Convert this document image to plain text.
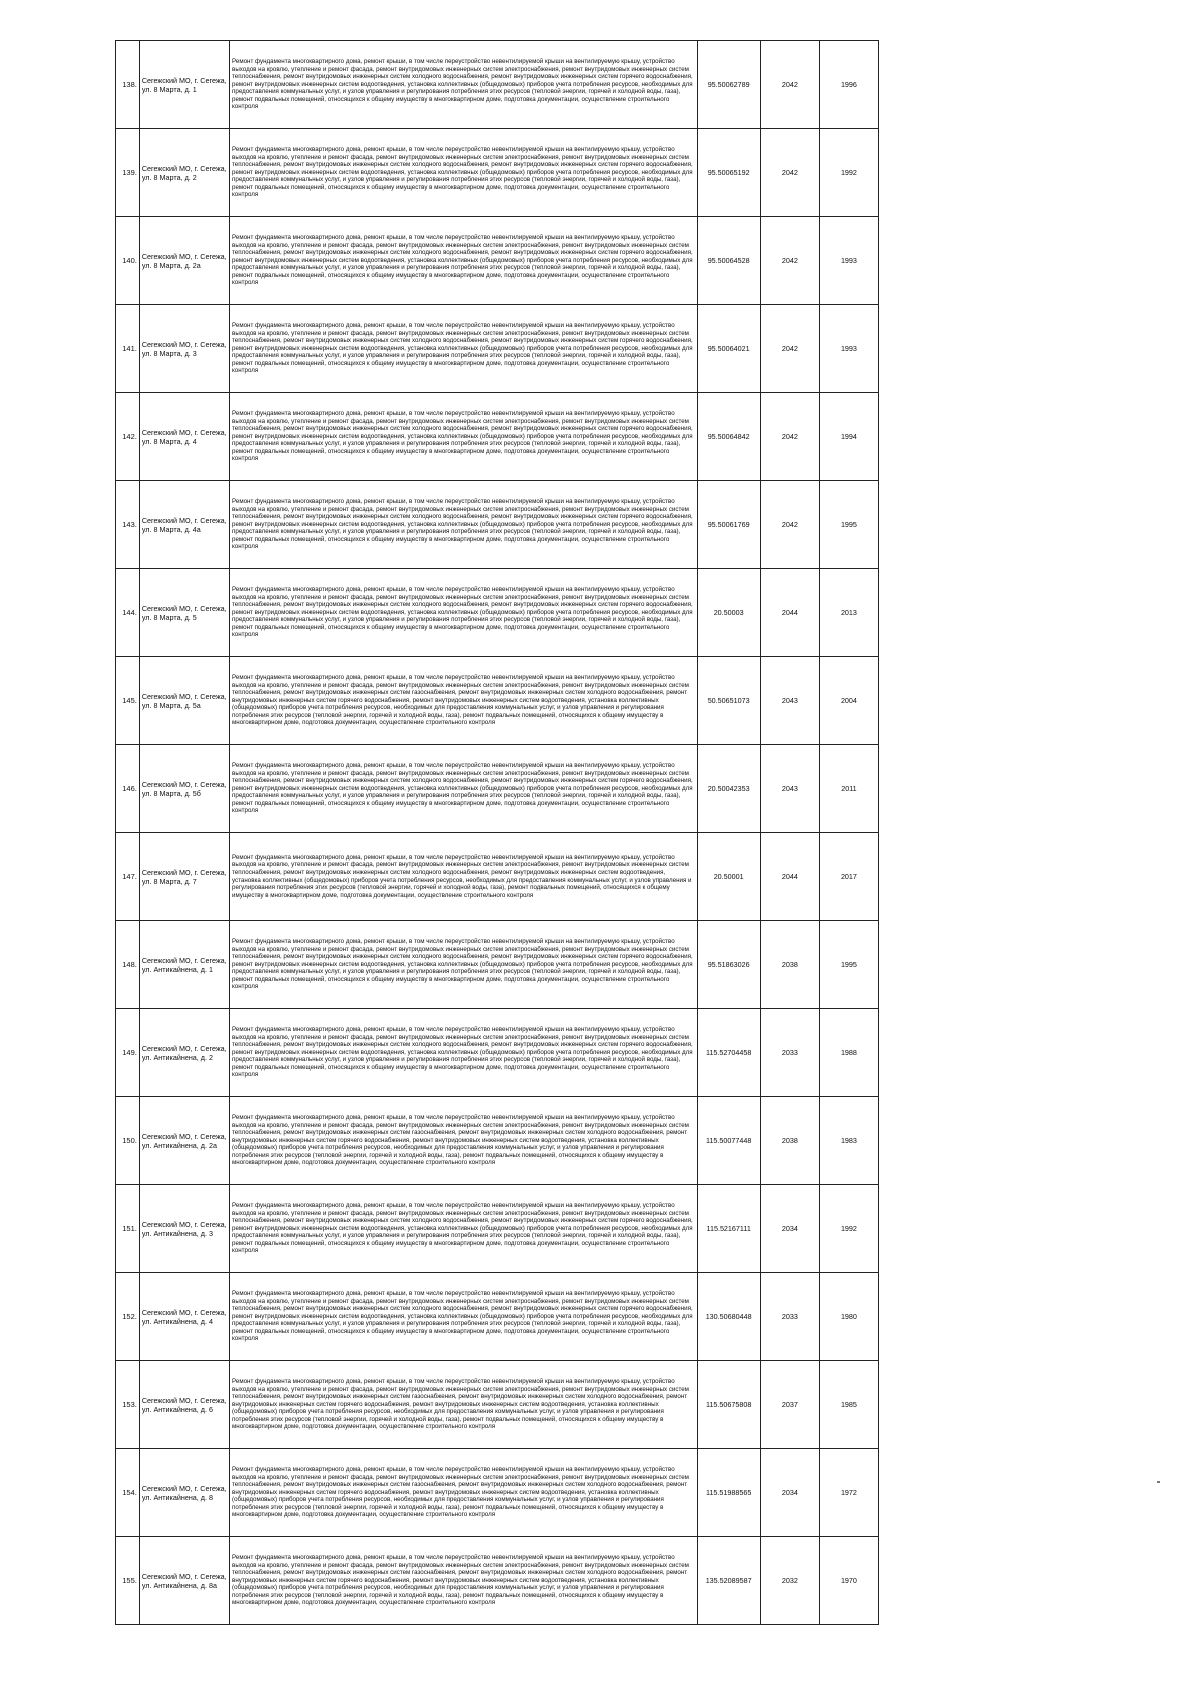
138.	Сегежский МО, г. Сегежа, ул. 8 Марта, д. 1	Ремонт фундамента многоквартирного дома, ремонт крыши, в том числе переустройство невентилируемой крыши на вентилируемую крышу, устройство выходов на кровлю, утепление и ремонт фасада, ремонт внутридомовых инженерных систем электроснабжения, ремонт внутридомовых инженерных систем теплоснабжения, ремонт внутридомовых инженерных систем холодного водоснабжения, ремонт внутридомовых инженерных систем горячего водоснабжения, ремонт внутридомовых инженерных систем водоотведения, установка коллективных (общедомовых) приборов учета потребления ресурсов, необходимых для предоставления коммунальных услуг, и узлов управления и регулирования потребления этих ресурсов (тепловой энергии, горячей и холодной воды, газа), ремонт подвальных помещений, относящихся к общему имуществу в многоквартирном доме, подготовка документации, осуществление строительного контроля	95.50062789	2042	1996
139.	Сегежский МО, г. Сегежа, ул. 8 Марта, д. 2	Ремонт фундамента многоквартирного дома, ремонт крыши, в том числе переустройство невентилируемой крыши на вентилируемую крышу, устройство выходов на кровлю, утепление и ремонт фасада, ремонт внутридомовых инженерных систем электроснабжения, ремонт внутридомовых инженерных систем теплоснабжения, ремонт внутридомовых инженерных систем холодного водоснабжения, ремонт внутридомовых инженерных систем горячего водоснабжения, ремонт внутридомовых инженерных систем водоотведения, установка коллективных (общедомовых) приборов учета потребления ресурсов, необходимых для предоставления коммунальных услуг, и узлов управления и регулирования потребления этих ресурсов (тепловой энергии, горячей и холодной воды, газа), ремонт подвальных помещений, относящихся к общему имуществу в многоквартирном доме, подготовка документации, осуществление строительного контроля	95.50065192	2042	1992
140.	Сегежский МО, г. Сегежа, ул. 8 Марта, д. 2а	Ремонт фундамента многоквартирного дома, ремонт крыши, в том числе переустройство невентилируемой крыши на вентилируемую крышу, устройство выходов на кровлю, утепление и ремонт фасада, ремонт внутридомовых инженерных систем электроснабжения, ремонт внутридомовых инженерных систем теплоснабжения, ремонт внутридомовых инженерных систем холодного водоснабжения, ремонт внутридомовых инженерных систем горячего водоснабжения, ремонт внутридомовых инженерных систем водоотведения, установка коллективных (общедомовых) приборов учета потребления ресурсов, необходимых для предоставления коммунальных услуг, и узлов управления и регулирования потребления этих ресурсов (тепловой энергии, горячей и холодной воды, газа), ремонт подвальных помещений, относящихся к общему имуществу в многоквартирном доме, подготовка документации, осуществление строительного контроля	95.50064528	2042	1993
141.	Сегежский МО, г. Сегежа, ул. 8 Марта, д. 3	Ремонт фундамента многоквартирного дома, ремонт крыши, в том числе переустройство невентилируемой крыши на вентилируемую крышу, устройство выходов на кровлю, утепление и ремонт фасада, ремонт внутридомовых инженерных систем электроснабжения, ремонт внутридомовых инженерных систем теплоснабжения, ремонт внутридомовых инженерных систем холодного водоснабжения, ремонт внутридомовых инженерных систем горячего водоснабжения, ремонт внутридомовых инженерных систем водоотведения, установка коллективных (общедомовых) приборов учета потребления ресурсов, необходимых для предоставления коммунальных услуг, и узлов управления и регулирования потребления этих ресурсов (тепловой энергии, горячей и холодной воды, газа), ремонт подвальных помещений, относящихся к общему имуществу в многоквартирном доме, подготовка документации, осуществление строительного контроля	95.50064021	2042	1993
142.	Сегежский МО, г. Сегежа, ул. 8 Марта, д. 4	Ремонт фундамента многоквартирного дома, ремонт крыши, в том числе переустройство невентилируемой крыши на вентилируемую крышу, устройство выходов на кровлю, утепление и ремонт фасада, ремонт внутридомовых инженерных систем электроснабжения, ремонт внутридомовых инженерных систем теплоснабжения, ремонт внутридомовых инженерных систем холодного водоснабжения, ремонт внутридомовых инженерных систем горячего водоснабжения, ремонт внутридомовых инженерных систем водоотведения, установка коллективных (общедомовых) приборов учета потребления ресурсов, необходимых для предоставления коммунальных услуг, и узлов управления и регулирования потребления этих ресурсов (тепловой энергии, горячей и холодной воды, газа), ремонт подвальных помещений, относящихся к общему имуществу в многоквартирном доме, подготовка документации, осуществление строительного контроля	95.50064842	2042	1994
143.	Сегежский МО, г. Сегежа, ул. 8 Марта, д. 4а	Ремонт фундамента многоквартирного дома, ремонт крыши, в том числе переустройство невентилируемой крыши на вентилируемую крышу, устройство выходов на кровлю, утепление и ремонт фасада, ремонт внутридомовых инженерных систем электроснабжения, ремонт внутридомовых инженерных систем теплоснабжения, ремонт внутридомовых инженерных систем холодного водоснабжения, ремонт внутридомовых инженерных систем горячего водоснабжения, ремонт внутридомовых инженерных систем водоотведения, установка коллективных (общедомовых) приборов учета потребления ресурсов, необходимых для предоставления коммунальных услуг, и узлов управления и регулирования потребления этих ресурсов (тепловой энергии, горячей и холодной воды, газа), ремонт подвальных помещений, относящихся к общему имуществу в многоквартирном доме, подготовка документации, осуществление строительного контроля	95.50061769	2042	1995
144.	Сегежский МО, г. Сегежа, ул. 8 Марта, д. 5	Ремонт фундамента многоквартирного дома, ремонт крыши, в том числе переустройство невентилируемой крыши на вентилируемую крышу, устройство выходов на кровлю, утепление и ремонт фасада, ремонт внутридомовых инженерных систем электроснабжения, ремонт внутридомовых инженерных систем теплоснабжения, ремонт внутридомовых инженерных систем холодного водоснабжения, ремонт внутридомовых инженерных систем горячего водоснабжения, ремонт внутридомовых инженерных систем водоотведения, установка коллективных (общедомовых) приборов учета потребления ресурсов, необходимых для предоставления коммунальных услуг, и узлов управления и регулирования потребления этих ресурсов (тепловой энергии, горячей и холодной воды, газа), ремонт подвальных помещений, относящихся к общему имуществу в многоквартирном доме, подготовка документации, осуществление строительного контроля	20.50003	2044	2013
145.	Сегежский МО, г. Сегежа, ул. 8 Марта, д. 5а	Ремонт фундамента многоквартирного дома, ремонт крыши, в том числе переустройство невентилируемой крыши на вентилируемую крышу, устройство выходов на кровлю, утепление и ремонт фасада, ремонт внутридомовых инженерных систем электроснабжения, ремонт внутридомовых инженерных систем теплоснабжения, ремонт внутридомовых инженерных систем газоснабжения, ремонт внутридомовых инженерных систем холодного водоснабжения, ремонт внутридомовых инженерных систем горячего водоснабжения, ремонт внутридомовых инженерных систем водоотведения, установка коллективных (общедомовых) приборов учета потребления ресурсов, необходимых для предоставления коммунальных услуг, и узлов управления и регулирования потребления этих ресурсов (тепловой энергии, горячей и холодной воды, газа), ремонт подвальных помещений, относящихся к общему имуществу в многоквартирном доме, подготовка документации, осуществление строительного контроля	50.50651073	2043	2004
146.	Сегежский МО, г. Сегежа, ул. 8 Марта, д. 5б	Ремонт фундамента многоквартирного дома, ремонт крыши, в том числе переустройство невентилируемой крыши на вентилируемую крышу, устройство выходов на кровлю, утепление и ремонт фасада, ремонт внутридомовых инженерных систем электроснабжения, ремонт внутридомовых инженерных систем теплоснабжения, ремонт внутридомовых инженерных систем холодного водоснабжения, ремонт внутридомовых инженерных систем горячего водоснабжения, ремонт внутридомовых инженерных систем водоотведения, установка коллективных (общедомовых) приборов учета потребления ресурсов, необходимых для предоставления коммунальных услуг, и узлов управления и регулирования потребления этих ресурсов (тепловой энергии, горячей и холодной воды, газа), ремонт подвальных помещений, относящихся к общему имуществу в многоквартирном доме, подготовка документации, осуществление строительного контроля	20.50042353	2043	2011
147.	Сегежский МО, г. Сегежа, ул. 8 Марта, д. 7	Ремонт фундамента многоквартирного дома, ремонт крыши, в том числе переустройство невентилируемой крыши на вентилируемую крышу, устройство выходов на кровлю, утепление и ремонт фасада, ремонт внутридомовых инженерных систем электроснабжения, ремонт внутридомовых инженерных систем теплоснабжения, ремонт внутридомовых инженерных систем холодного водоснабжения, ремонт внутридомовых инженерных систем водоотведения, установка коллективных (общедомовых) приборов учета потребления ресурсов, необходимых для предоставления коммунальных услуг, и узлов управления и регулирования потребления этих ресурсов (тепловой энергии, горячей и холодной воды, газа), ремонт подвальных помещений, относящихся к общему имуществу в многоквартирном доме, подготовка документации, осуществление строительного контроля	20.50001	2044	2017
148.	Сегежский МО, г. Сегежа, ул. Антикайнена, д. 1	Ремонт фундамента многоквартирного дома, ремонт крыши, в том числе переустройство невентилируемой крыши на вентилируемую крышу, устройство выходов на кровлю, утепление и ремонт фасада, ремонт внутридомовых инженерных систем электроснабжения, ремонт внутридомовых инженерных систем теплоснабжения, ремонт внутридомовых инженерных систем холодного водоснабжения, ремонт внутридомовых инженерных систем горячего водоснабжения, ремонт внутридомовых инженерных систем водоотведения, установка коллективных (общедомовых) приборов учета потребления ресурсов, необходимых для предоставления коммунальных услуг, и узлов управления и регулирования потребления этих ресурсов (тепловой энергии, горячей и холодной воды, газа), ремонт подвальных помещений, относящихся к общему имуществу в многоквартирном доме, подготовка документации, осуществление строительного контроля	95.51863026	2038	1995
149.	Сегежский МО, г. Сегежа, ул. Антикайнена, д. 2	Ремонт фундамента многоквартирного дома, ремонт крыши, в том числе переустройство невентилируемой крыши на вентилируемую крышу, устройство выходов на кровлю, утепление и ремонт фасада, ремонт внутридомовых инженерных систем электроснабжения, ремонт внутридомовых инженерных систем теплоснабжения, ремонт внутридомовых инженерных систем холодного водоснабжения, ремонт внутридомовых инженерных систем горячего водоснабжения, ремонт внутридомовых инженерных систем водоотведения, установка коллективных (общедомовых) приборов учета потребления ресурсов, необходимых для предоставления коммунальных услуг, и узлов управления и регулирования потребления этих ресурсов (тепловой энергии, горячей и холодной воды, газа), ремонт подвальных помещений, относящихся к общему имуществу в многоквартирном доме, подготовка документации, осуществление строительного контроля	115.52704458	2033	1988
150.	Сегежский МО, г. Сегежа, ул. Антикайнена, д. 2а	Ремонт фундамента многоквартирного дома, ремонт крыши, в том числе переустройство невентилируемой крыши на вентилируемую крышу, устройство выходов на кровлю, утепление и ремонт фасада, ремонт внутридомовых инженерных систем электроснабжения, ремонт внутридомовых инженерных систем теплоснабжения, ремонт внутридомовых инженерных систем газоснабжения, ремонт внутридомовых инженерных систем холодного водоснабжения, ремонт внутридомовых инженерных систем горячего водоснабжения, ремонт внутридомовых инженерных систем водоотведения, установка коллективных (общедомовых) приборов учета потребления ресурсов, необходимых для предоставления коммунальных услуг, и узлов управления и регулирования потребления этих ресурсов (тепловой энергии, горячей и холодной воды, газа), ремонт подвальных помещений, относящихся к общему имуществу в многоквартирном доме, подготовка документации, осуществление строительного контроля	115.50077448	2038	1983
151.	Сегежский МО, г. Сегежа, ул. Антикайнена, д. 3	Ремонт фундамента многоквартирного дома, ремонт крыши, в том числе переустройство невентилируемой крыши на вентилируемую крышу, устройство выходов на кровлю, утепление и ремонт фасада, ремонт внутридомовых инженерных систем электроснабжения, ремонт внутридомовых инженерных систем теплоснабжения, ремонт внутридомовых инженерных систем холодного водоснабжения, ремонт внутридомовых инженерных систем горячего водоснабжения, ремонт внутридомовых инженерных систем водоотведения, установка коллективных (общедомовых) приборов учета потребления ресурсов, необходимых для предоставления коммунальных услуг, и узлов управления и регулирования потребления этих ресурсов (тепловой энергии, горячей и холодной воды, газа), ремонт подвальных помещений, относящихся к общему имуществу в многоквартирном доме, подготовка документации, осуществление строительного контроля	115.52167111	2034	1992
152.	Сегежский МО, г. Сегежа, ул. Антикайнена, д. 4	Ремонт фундамента многоквартирного дома, ремонт крыши, в том числе переустройство невентилируемой крыши на вентилируемую крышу, устройство выходов на кровлю, утепление и ремонт фасада, ремонт внутридомовых инженерных систем электроснабжения, ремонт внутридомовых инженерных систем теплоснабжения, ремонт внутридомовых инженерных систем холодного водоснабжения, ремонт внутридомовых инженерных систем горячего водоснабжения, ремонт внутридомовых инженерных систем водоотведения, установка коллективных (общедомовых) приборов учета потребления ресурсов, необходимых для предоставления коммунальных услуг, и узлов управления и регулирования потребления этих ресурсов (тепловой энергии, горячей и холодной воды, газа), ремонт подвальных помещений, относящихся к общему имуществу в многоквартирном доме, подготовка документации, осуществление строительного контроля	130.50680448	2033	1980
153.	Сегежский МО, г. Сегежа, ул. Антикайнена, д. 6	Ремонт фундамента многоквартирного дома, ремонт крыши, в том числе переустройство невентилируемой крыши на вентилируемую крышу, устройство выходов на кровлю, утепление и ремонт фасада, ремонт внутридомовых инженерных систем электроснабжения, ремонт внутридомовых инженерных систем теплоснабжения, ремонт внутридомовых инженерных систем газоснабжения, ремонт внутридомовых инженерных систем холодного водоснабжения, ремонт внутридомовых инженерных систем горячего водоснабжения, ремонт внутридомовых инженерных систем водоотведения, установка коллективных (общедомовых) приборов учета потребления ресурсов, необходимых для предоставления коммунальных услуг, и узлов управления и регулирования потребления этих ресурсов (тепловой энергии, горячей и холодной воды, газа), ремонт подвальных помещений, относящихся к общему имуществу в многоквартирном доме, подготовка документации, осуществление строительного контроля	115.50675808	2037	1985
154.	Сегежский МО, г. Сегежа, ул. Антикайнена, д. 8	Ремонт фундамента многоквартирного дома, ремонт крыши, в том числе переустройство невентилируемой крыши на вентилируемую крышу, устройство выходов на кровлю, утепление и ремонт фасада, ремонт внутридомовых инженерных систем электроснабжения, ремонт внутридомовых инженерных систем теплоснабжения, ремонт внутридомовых инженерных систем газоснабжения, ремонт внутридомовых инженерных систем холодного водоснабжения, ремонт внутридомовых инженерных систем горячего водоснабжения, ремонт внутридомовых инженерных систем водоотведения, установка коллективных (общедомовых) приборов учета потребления ресурсов, необходимых для предоставления коммунальных услуг, и узлов управления и регулирования потребления этих ресурсов (тепловой энергии, горячей и холодной воды, газа), ремонт подвальных помещений, относящихся к общему имуществу в многоквартирном доме, подготовка документации, осуществление строительного контроля	115.51988565	2034	1972
155.	Сегежский МО, г. Сегежа, ул. Антикайнена, д. 8а	Ремонт фундамента многоквартирного дома, ремонт крыши, в том числе переустройство невентилируемой крыши на вентилируемую крышу, устройство выходов на кровлю, утепление и ремонт фасада, ремонт внутридомовых инженерных систем электроснабжения, ремонт внутридомовых инженерных систем теплоснабжения, ремонт внутридомовых инженерных систем газоснабжения, ремонт внутридомовых инженерных систем холодного водоснабжения, ремонт внутридомовых инженерных систем горячего водоснабжения, ремонт внутридомовых инженерных систем водоотведения, установка коллективных (общедомовых) приборов учета потребления ресурсов, необходимых для предоставления коммунальных услуг, и узлов управления и регулирования потребления этих ресурсов (тепловой энергии, горячей и холодной воды, газа), ремонт подвальных помещений, относящихся к общему имуществу в многоквартирном доме, подготовка документации, осуществление строительного контроля	135.52089587	2032	1970
